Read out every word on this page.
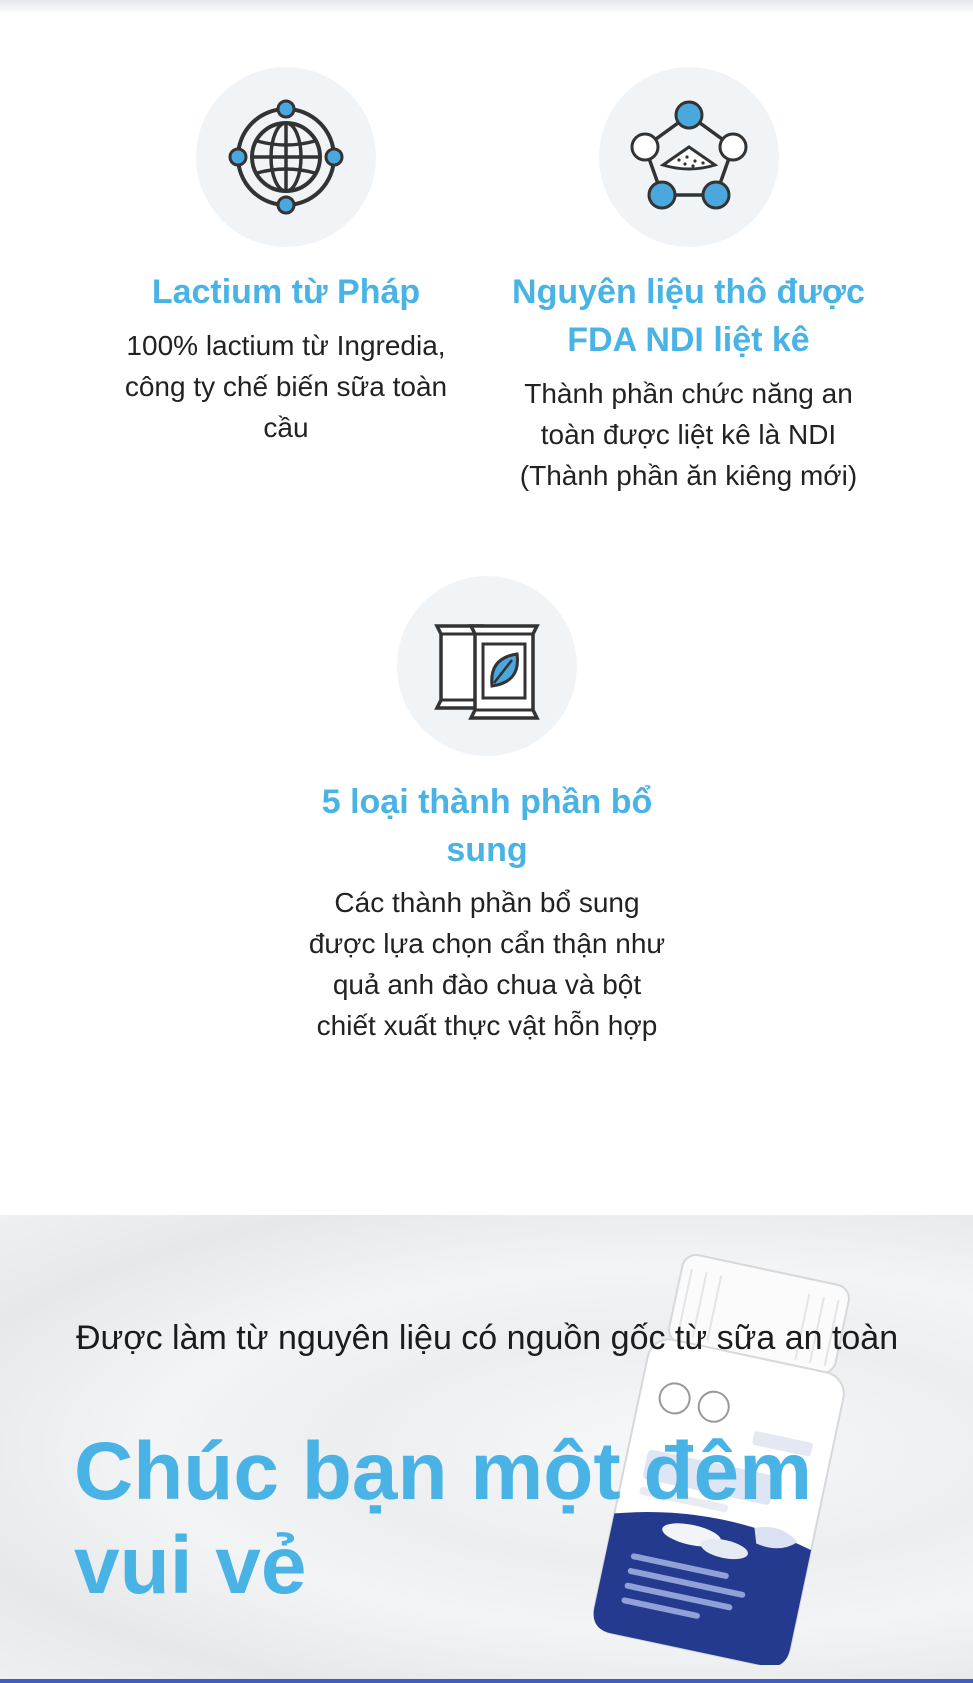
Lactium từ Pháp
100% lactium từ Ingredia, công ty chế biến sữa toàn cầu
Nguyên liệu thô được FDA NDI liệt kê
Thành phần chức năng an toàn được liệt kê là NDI (Thành phần ăn kiêng mới)
5 loại thành phần bổ sung
Các thành phần bổ sung được lựa chọn cẩn thận như quả anh đào chua và bột chiết xuất thực vật hỗn hợp
Được làm từ nguyên liệu có nguồn gốc từ sữa an toàn
Chúc bạn một đêm vui vẻ
